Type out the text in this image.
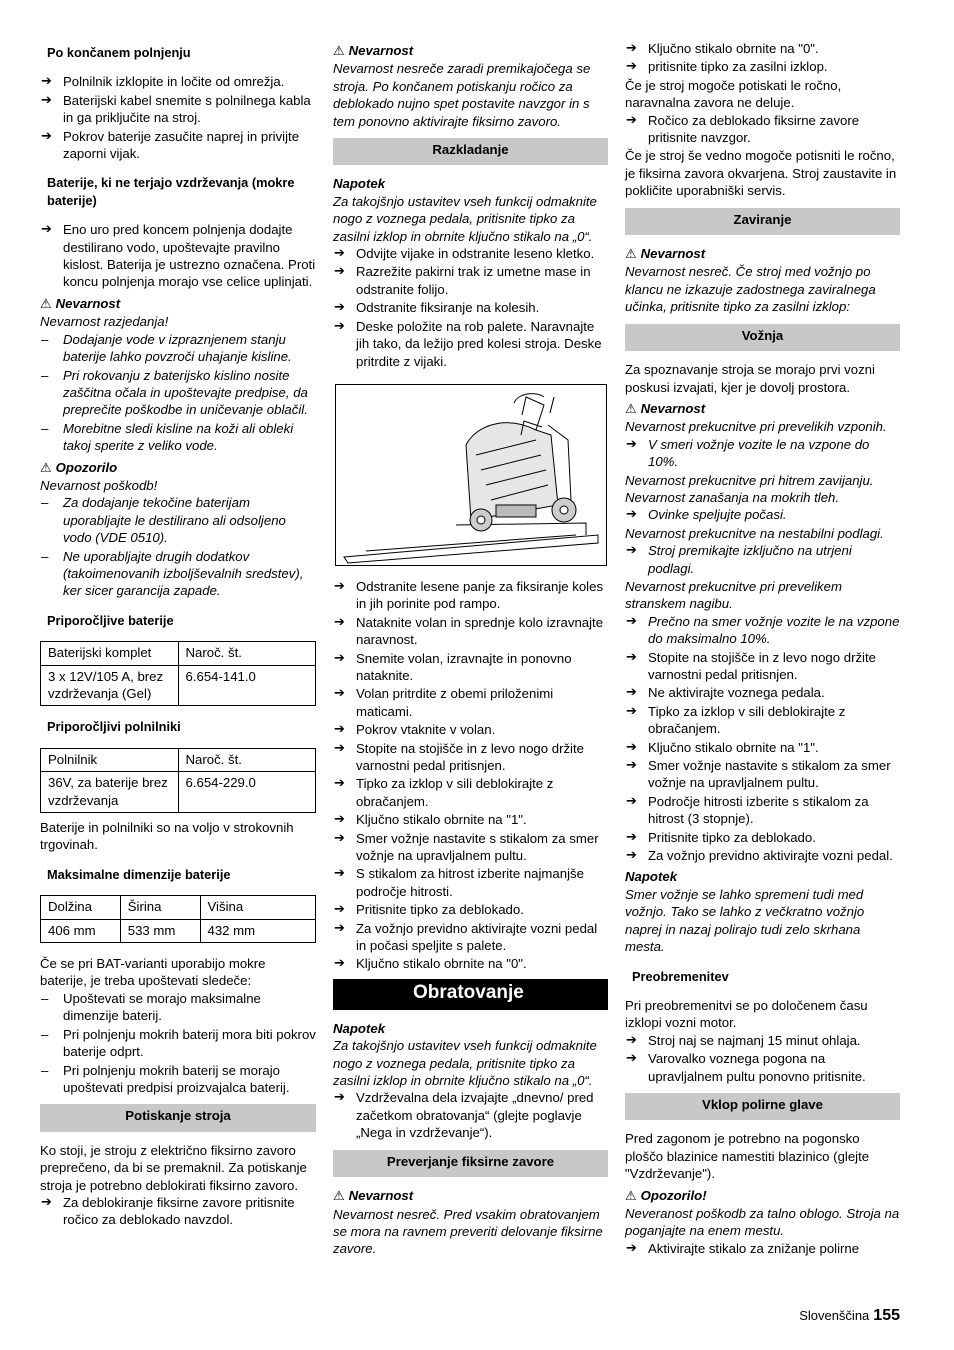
Po končanem polnjenju

➔ Polnilnik izklopite in ločite od omrežja.
➔ Baterijski kabel snemite s polnilnega kabla in ga priključite na stroj.
➔ Pokrov baterije zasučite naprej in privijte zaporni vijak.

Baterije, ki ne terjajo vzdrževanja (mokre baterije)

➔ Eno uro pred koncem polnjenja dodajte destilirano vodo, upoštevajte pravilno kislost. Baterija je ustrezno označena. Proti koncu polnjenja morajo vse celice uplinjati.

⚠ Nevarnost

Nevarnost razjedanja!

– Dodajanje vode v izpraznjenem stanju baterije lahko povzroči uhajanje kisline.
– Pri rokovanju z baterijsko kislino nosite zaščitna očala in upoštevajte predpise, da preprečite poškodbe in uničevanje oblačil.
– Morebitne sledi kisline na koži ali obleki takoj sperite z veliko vode.

⚠ Opozorilo

Nevarnost poškodb!

– Za dodajanje tekočine baterijam uporabljajte le destilirano ali odsoljeno vodo (VDE 0510).
– Ne uporabljajte drugih dodatkov (takoimenovanih izboljševalnih sredstev), ker sicer garancija zapade.

Priporočljive baterije

Baterijski komplet	Naroč. št.
3 x 12V/105 A, brez vzdrževanja (Gel)	6.654-141.0

Priporočljivi polnilniki

Polnilnik	Naroč. št.
36V, za baterije brez vzdrževanja	6.654-229.0

Baterije in polnilniki so na voljo v strokovnih trgovinah.

Maksimalne dimenzije baterije

Dolžina	Širina	Višina
406 mm	533 mm	432 mm

Če se pri BAT-varianti uporabijo mokre baterije, je treba upoštevati sledeče:

– Upoštevati se morajo maksimalne dimenzije baterij.
– Pri polnjenju mokrih baterij mora biti pokrov baterije odprt.
– Pri polnjenju mokrih baterij se morajo upoštevati predpisi proizvajalca baterij.
Potiskanje stroja

Ko stoji, je stroju z električno fiksirno zavoro preprečeno, da bi se premaknil. Za potiskanje stroja je potrebno deblokirati fiksirno zavoro.

➔ Za deblokiranje fiksirne zavore pritisnite ročico za deblokado navzdol.

⚠ Nevarnost

Nevarnost nesreče zaradi premikajočega se stroja. Po končanem potiskanju ročico za deblokado nujno spet postavite navzgor in s tem ponovno aktivirajte fiksirno zavoro.

Razkladanje

Napotek

Za takojšnjo ustavitev vseh funkcij odmaknite nogo z voznega pedala, pritisnite tipko za zasilni izklop in obrnite ključno stikalo na „0“.

➔ Odvijte vijake in odstranite leseno kletko.
➔ Razrežite pakirni trak iz umetne mase in odstranite folijo.
➔ Odstranite fiksiranje na kolesih.
➔ Deske položite na rob palete. Naravnajte jih tako, da ležijo pred kolesi stroja. Deske pritrdite z vijaki.
➔ Odstranite lesene panje za fiksiranje koles in jih porinite pod rampo.
➔ Nataknite volan in sprednje kolo izravnajte naravnost.
➔ Snemite volan, izravnajte in ponovno nataknite.
➔ Volan pritrdite z obemi priloženimi maticami.
➔ Pokrov vtaknite v volan.
➔ Stopite na stojišče in z levo nogo držite varnostni pedal pritisnjen.
➔ Tipko za izklop v sili deblokirajte z obračanjem.
➔ Ključno stikalo obrnite na "1".
➔ Smer vožnje nastavite s stikalom za smer vožnje na upravljalnem pultu.
➔ S stikalom za hitrost izberite najmanjše področje hitrosti.
➔ Pritisnite tipko za deblokado.
➔ Za vožnjo previdno aktivirajte vozni pedal in počasi speljite s palete.
➔ Ključno stikalo obrnite na "0".
Obratovanje

Napotek

Za takojšnjo ustavitev vseh funkcij odmaknite nogo z voznega pedala, pritisnite tipko za zasilni izklop in obrnite ključno stikalo na „0“.

➔ Vzdrževalna dela izvajajte „dnevno/ pred začetkom obratovanja“ (glejte poglavje „Nega in vzdrževanje“).
Preverjanje fiksirne zavore

⚠ Nevarnost

Nevarnost nesreč. Pred vsakim obratovanjem se mora na ravnem preveriti delovanje fiksirne zavore.

➔ Ključno stikalo obrnite na "0".
➔ pritisnite tipko za zasilni izklop.

Če je stroj mogoče potiskati le ročno, naravnalna zavora ne deluje.

➔ Ročico za deblokado fiksirne zavore pritisnite navzgor.

Če je stroj še vedno mogoče potisniti le ročno, je fiksirna zavora okvarjena. Stroj zaustavite in pokličite uporabniški servis.

Zaviranje

⚠ Nevarnost

Nevarnost nesreč. Če stroj med vožnjo po klancu ne izkazuje zadostnega zaviralnega učinka, pritisnite tipko za zasilni izklop:

Vožnja

Za spoznavanje stroja se morajo prvi vozni poskusi izvajati, kjer je dovolj prostora.

⚠ Nevarnost

Nevarnost prekucnitve pri prevelikih vzponih.

➔ V smeri vožnje vozite le na vzpone do 10%.

Nevarnost prekucnitve pri hitrem zavijanju. Nevarnost zanašanja na mokrih tleh.

➔ Ovinke speljujte počasi.

Nevarnost prekucnitve na nestabilni podlagi.

➔ Stroj premikajte izključno na utrjeni podlagi.

Nevarnost prekucnitve pri prevelikem stranskem nagibu.

➔ Prečno na smer vožnje vozite le na vzpone do maksimalno 10%.
➔ Stopite na stojišče in z levo nogo držite varnostni pedal pritisnjen.
➔ Ne aktivirajte voznega pedala.
➔ Tipko za izklop v sili deblokirajte z obračanjem.
➔ Ključno stikalo obrnite na "1".
➔ Smer vožnje nastavite s stikalom za smer vožnje na upravljalnem pultu.
➔ Področje hitrosti izberite s stikalom za hitrost (3 stopnje).
➔ Pritisnite tipko za deblokado.
➔ Za vožnjo previdno aktivirajte vozni pedal.

Napotek

Smer vožnje se lahko spremeni tudi med vožnjo. Tako se lahko z večkratno vožnjo naprej in nazaj polirajo tudi zelo skrhana mesta.

Preobremenitev

Pri preobremenitvi se po določenem času izklopi vozni motor.

➔ Stroj naj se najmanj 15 minut ohlaja.
➔ Varovalko voznega pogona na upravljalnem pultu ponovno pritisnite.
Vklop polirne glave

Pred zagonom je potrebno na pogonsko ploščo blazinice namestiti blazinico (glejte "Vzdrževanje").

⚠ Opozorilo!

Neveranost poškodb za talno oblogo. Stroja na poganjajte na enem mestu.

➔ Aktivirajte stikalo za znižanje polirne
Slovenščina 155
